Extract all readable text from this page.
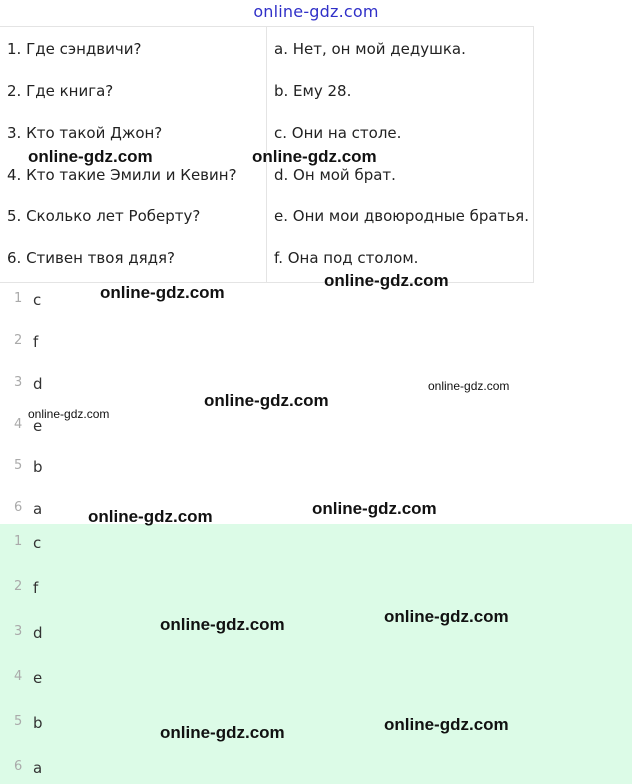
online-gdz.com
1. Где сэндвичи?
2. Где книга?
3. Кто такой Джон?
4. Кто такие Эмили и Кевин?
5. Сколько лет Роберту?
6. Стивен твоя дядя?
a. Нет, он мой дедушка.
b. Ему 28.
c. Они на столе.
d. Он мой брат.
e. Они мои двоюродные братья.
f. Она под столом.
1 c
2 f
3 d
4 e
5 b
6 a
1 c
2 f
3 d
4 e
5 b
6 a
online-gdz.com	online-gdz.com
online-gdz.com
online-gdz.com
online-gdz.com
online-gdz.com
online-gdz.com
online-gdz.com
online-gdz.com
online-gdz.com
online-gdz.com
online-gdz.com
online-gdz.com
